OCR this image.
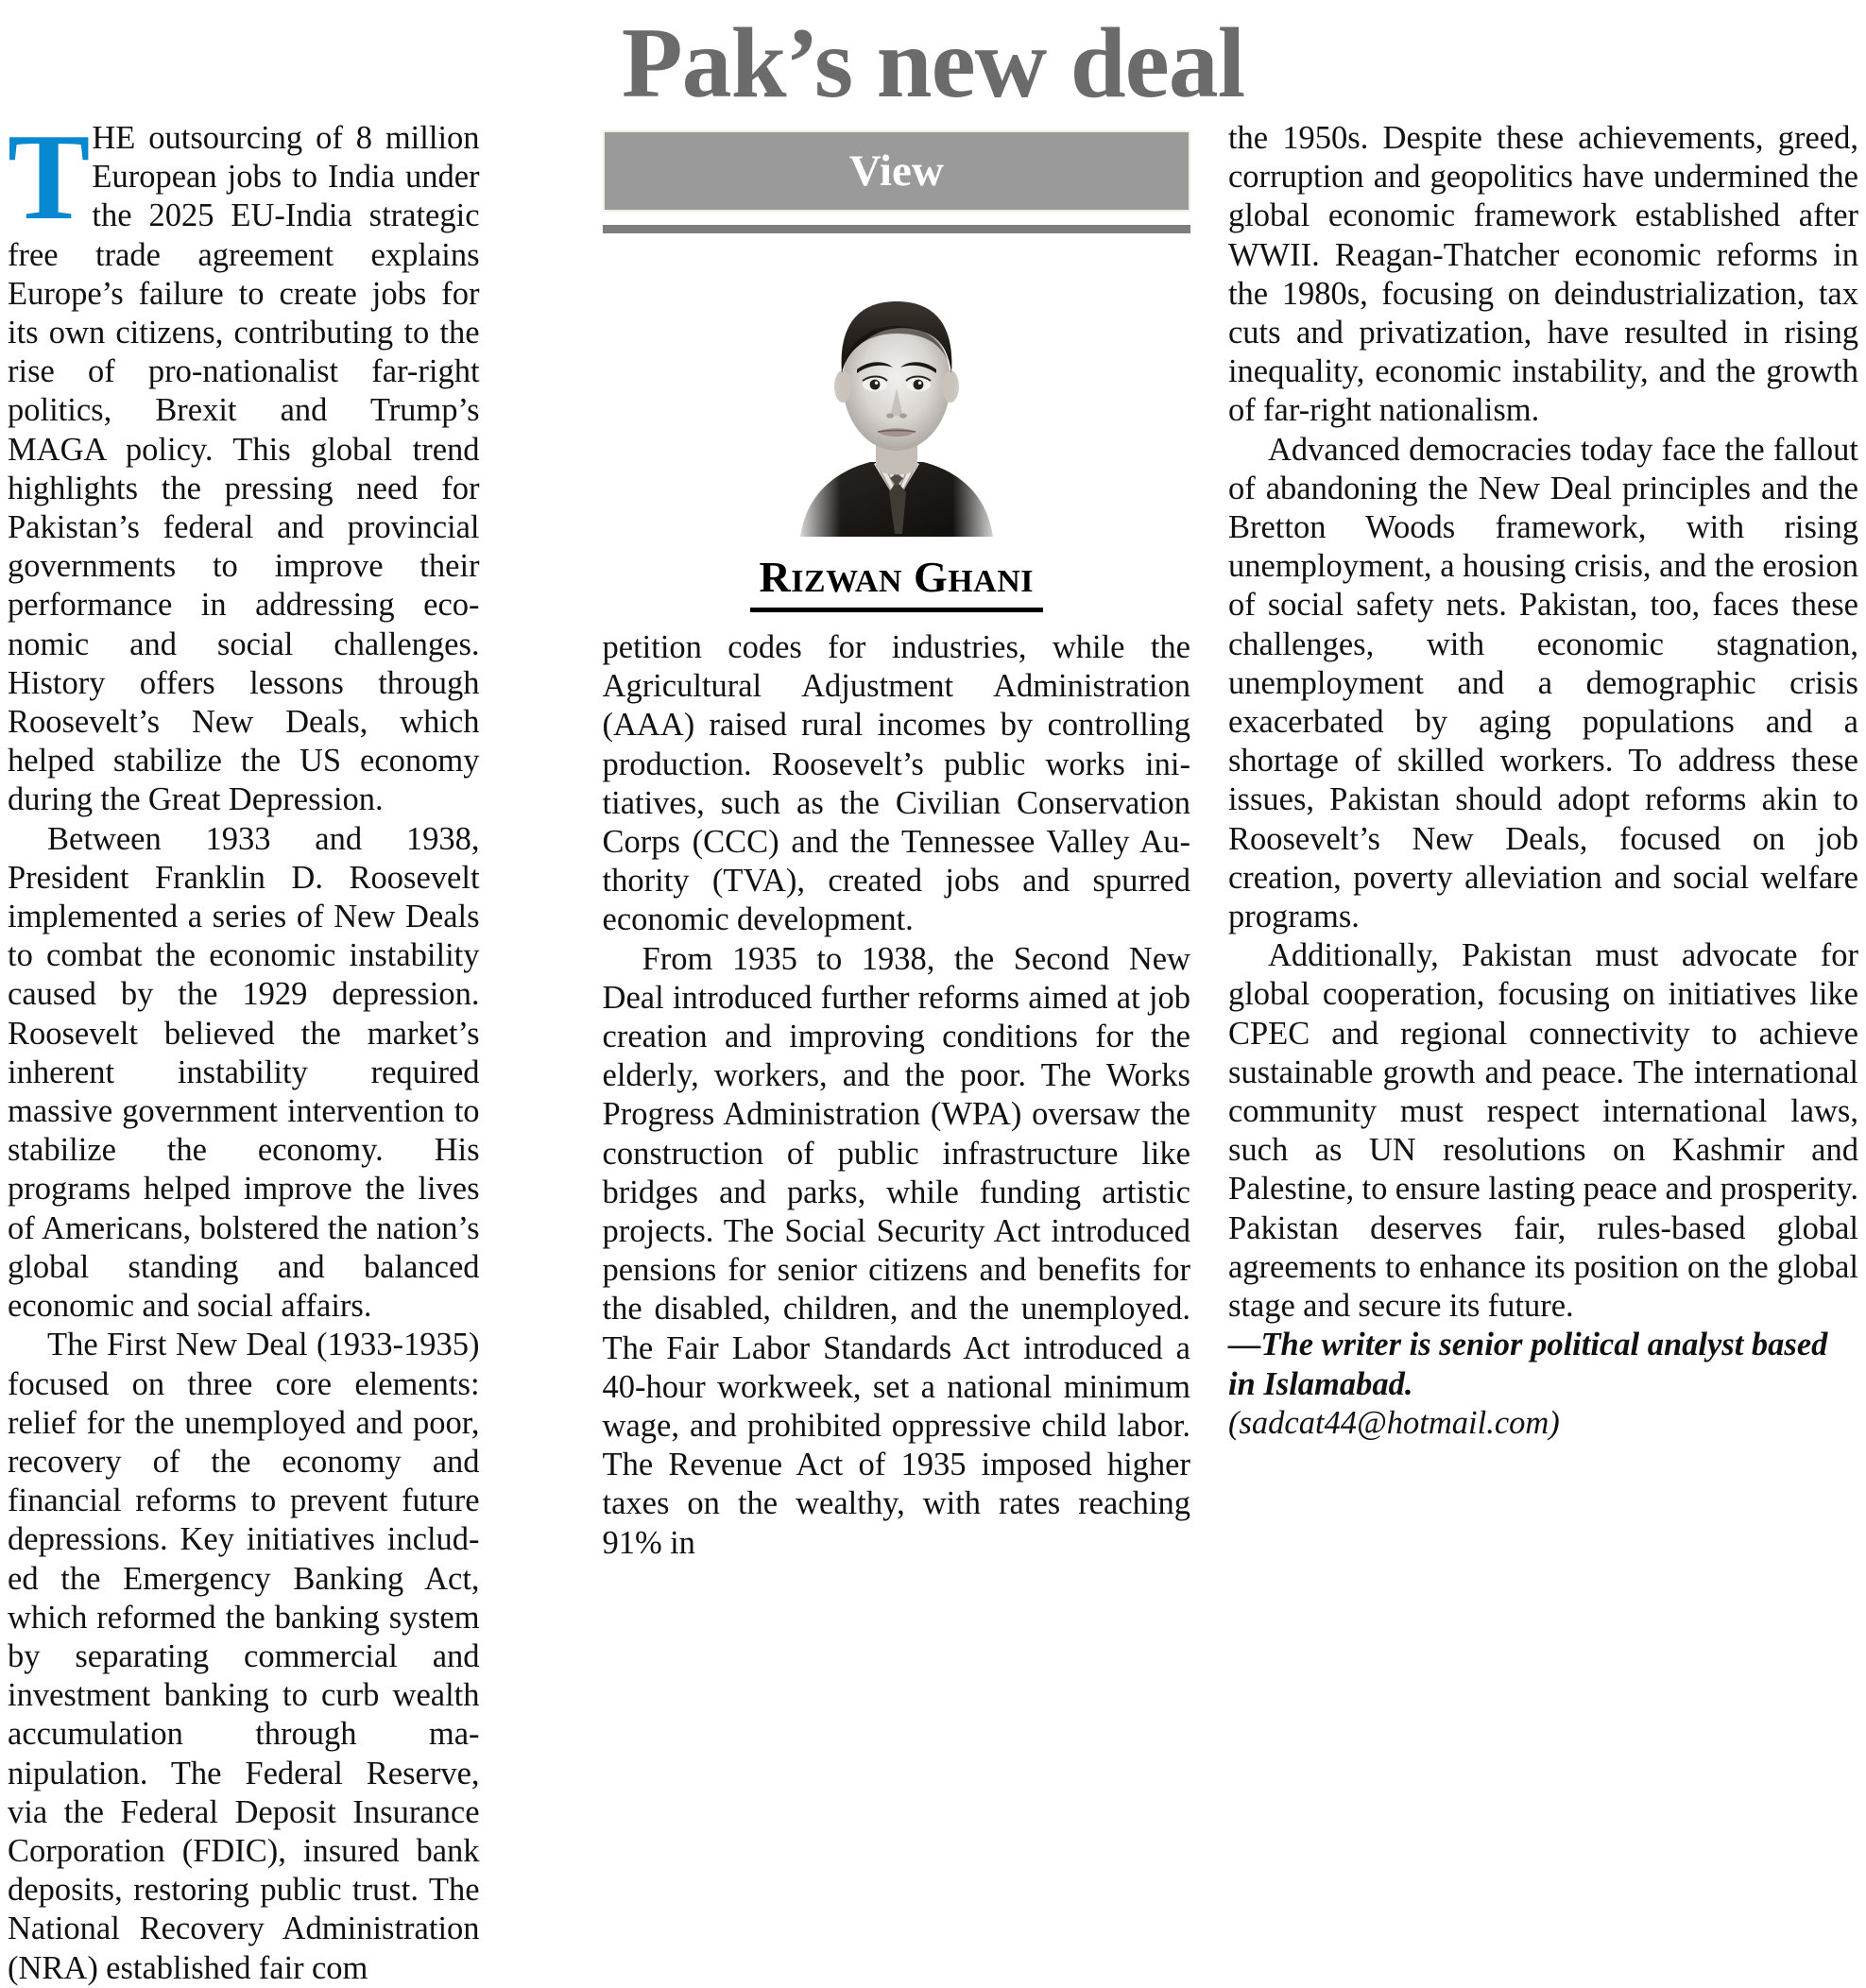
Pak’s new deal

THE outsourcing of 8 million European jobs to India under the 2025 EU-India strategic free trade agreement explains Europe’s failure to create jobs for its own citizens, contributing to the rise of pro-nationalist far-right politics, Brexit and Trump’s MAGA policy. This global trend highlights the pressing need for Pakistan’s federal and provincial governments to improve their performance in addressing economic and social challenges. History offers lessons through Roosevelt’s New Deals, which helped stabilize the US economy during the Great Depression.

Between 1933 and 1938, President Franklin D. Roosevelt implemented a series of New Deals to combat the economic instability caused by the 1929 depression. Roosevelt believed the market’s inherent instability required massive government intervention to stabilize the economy. His programs helped improve the lives of Americans, bolstered the nation’s global standing and balanced economic and social affairs.

The First New Deal (1933-1935) focused on three core elements: relief for the unemployed and poor, recovery of the economy and financial reforms to prevent future depressions. Key initiatives included the Emergency Banking Act, which reformed the banking system by separating commercial and investment banking to curb wealth accumulation through manipulation. The Federal Reserve, via the Federal Deposit Insurance Corporation (FDIC), insured bank deposits, restoring public trust. The National Recovery Administration (NRA) established fair com

View
RIZWAN GHANI

petition codes for industries, while the Agricultural Adjustment Administration (AAA) raised rural incomes by controlling production. Roosevelt’s public works initiatives, such as the Civilian Conservation Corps (CCC) and the Tennessee Valley Authority (TVA), created jobs and spurred economic development.

From 1935 to 1938, the Second New Deal introduced further reforms aimed at job creation and improving conditions for the elderly, workers, and the poor. The Works Progress Administration (WPA) oversaw the construction of public infrastructure like bridges and parks, while funding artistic projects. The Social Security Act introduced pensions for senior citizens and benefits for the disabled, children, and the unemployed. The Fair Labor Standards Act introduced a 40-hour workweek, set a national minimum wage, and prohibited oppressive child labor. The Revenue Act of 1935 imposed higher taxes on the wealthy, with rates reaching 91% in

the 1950s. Despite these achievements, greed, corruption and geopolitics have undermined the global economic framework established after WWII. Reagan-Thatcher economic reforms in the 1980s, focusing on deindustrialization, tax cuts and privatization, have resulted in rising inequality, economic instability, and the growth of far-right nationalism.

Advanced democracies today face the fallout of abandoning the New Deal principles and the Bretton Woods framework, with rising unemployment, a housing crisis, and the erosion of social safety nets. Pakistan, too, faces these challenges, with economic stagnation, unemployment and a demographic crisis exacerbated by aging populations and a shortage of skilled workers. To address these issues, Pakistan should adopt reforms akin to Roosevelt’s New Deals, focused on job creation, poverty alleviation and social welfare programs.

Additionally, Pakistan must advocate for global cooperation, focusing on initiatives like CPEC and regional connectivity to achieve sustainable growth and peace. The international community must respect international laws, such as UN resolutions on Kashmir and Palestine, to ensure lasting peace and prosperity. Pakistan deserves fair, rules-based global agreements to enhance its position on the global stage and secure its future.

—The writer is senior political analyst based in Islamabad.

(sadcat44@hotmail.com)
